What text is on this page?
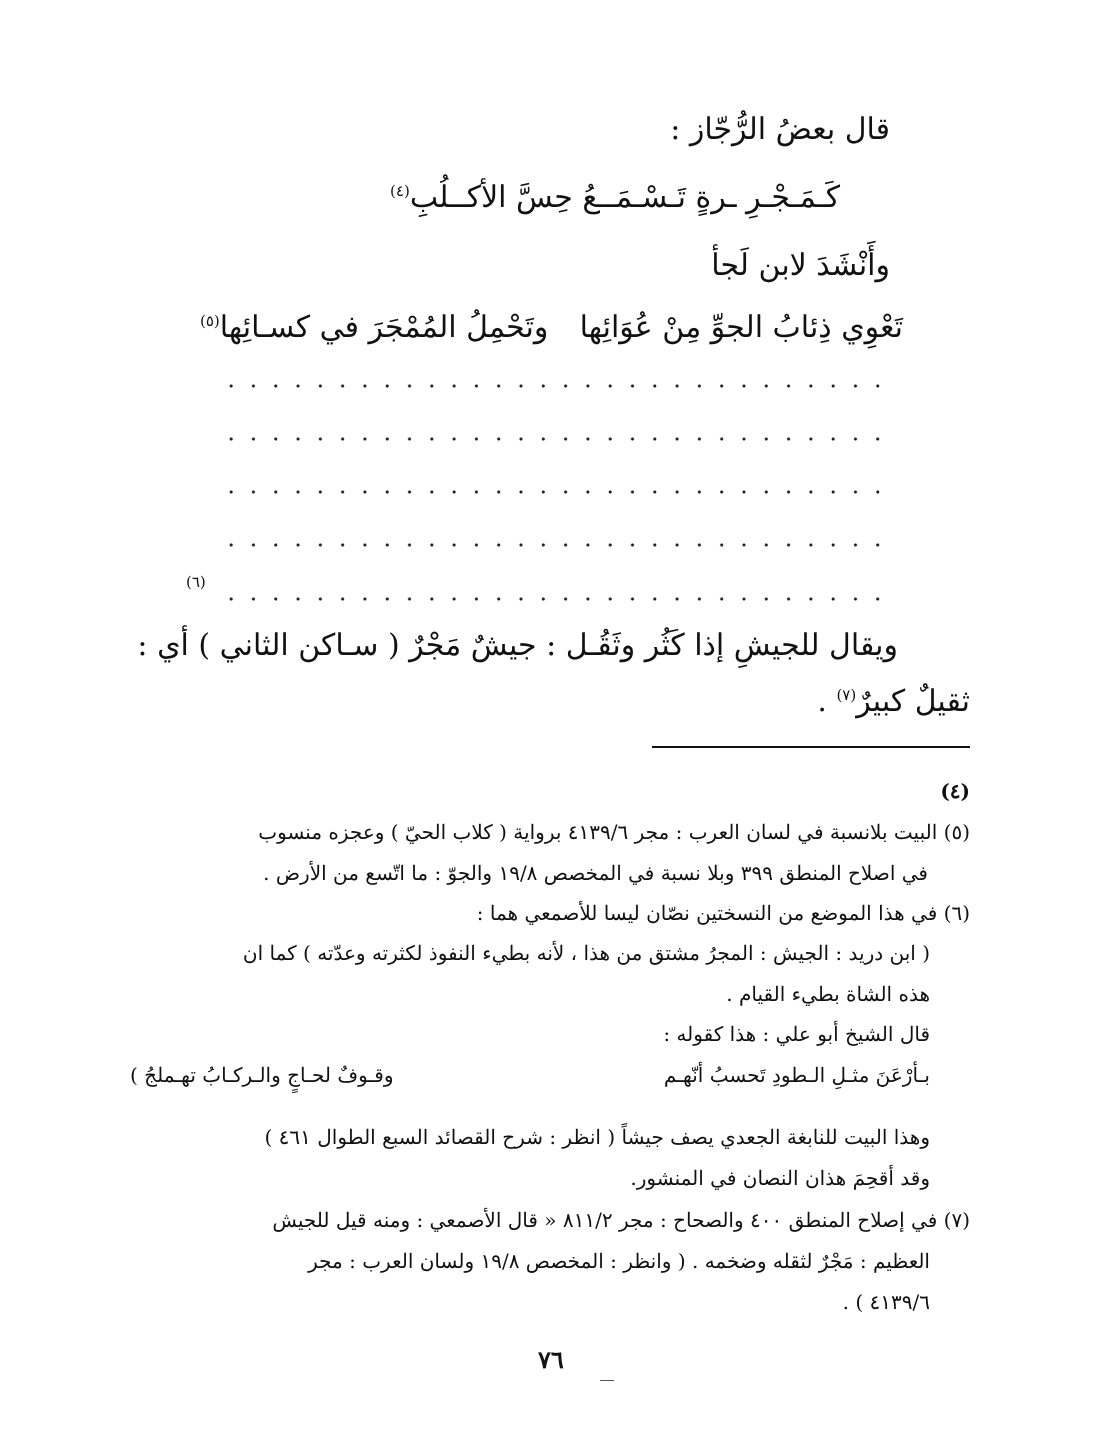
قال بعضُ الرُّجّاز :
كَـمَـجْـرِ ـرةٍ تَـسْـمَــعُ حِسَّ الأكــلُبِ$^{(٤)}$
وأَنْشَدَ لابن لَجأ
تَعْوِي ذِئابُ الجوِّ مِنْ عُوَائِها
وتَحْمِلُ المُمْجَرَ في كسـائِها$^{(٥)}$
(٦)
ويقال للجيشِ إذا كَثُر وثَقُـل : جيشٌ مَجْرٌ ( سـاكن الثاني ) أي :
ثقيلٌ كبيرٌ$^{(٧)}$ .
(٤)
(٥) البيت بلانسبة في لسان العرب : مجر ٤١٣٩/٦ برواية ( كلاب الحيّ ) وعجزه منسوب
في اصلاح المنطق ٣٩٩ وبلا نسبة في المخصص ١٩/٨ والجوّ : ما اتّسع من الأرض .
(٦) في هذا الموضع من النسختين نصّان ليسا للأصمعي هما :
( ابن دريد : الجيش : المجرُ مشتق من هذا ، لأنه بطيء النفوذ لكثرته وعدّته ) كما ان
هذه الشاة بطيء القيام .
قال الشيخ أبو علي : هذا كقوله :
بـأرْعَنَ مثـلِ الـطودِ تَحسبُ أنّهـم
وقـوفٌ لحـاجٍ والـركـابُ تهـملجُ )
وهذا البيت للنابغة الجعدي يصف جيشاً ( انظر : شرح القصائد السبع الطوال ٤٦١ )
وقد أقحِمَ هذان النصان في المنشور.
(٧) في إصلاح المنطق ٤٠٠ والصحاح : مجر ٨١١/٢ « قال الأصمعي : ومنه قيل للجيش
العظيم : مَجْرٌ لثقله وضخمه . ( وانظر : المخصص ١٩/٨ ولسان العرب : مجر
٤١٣٩/٦ ) .
٧٦
